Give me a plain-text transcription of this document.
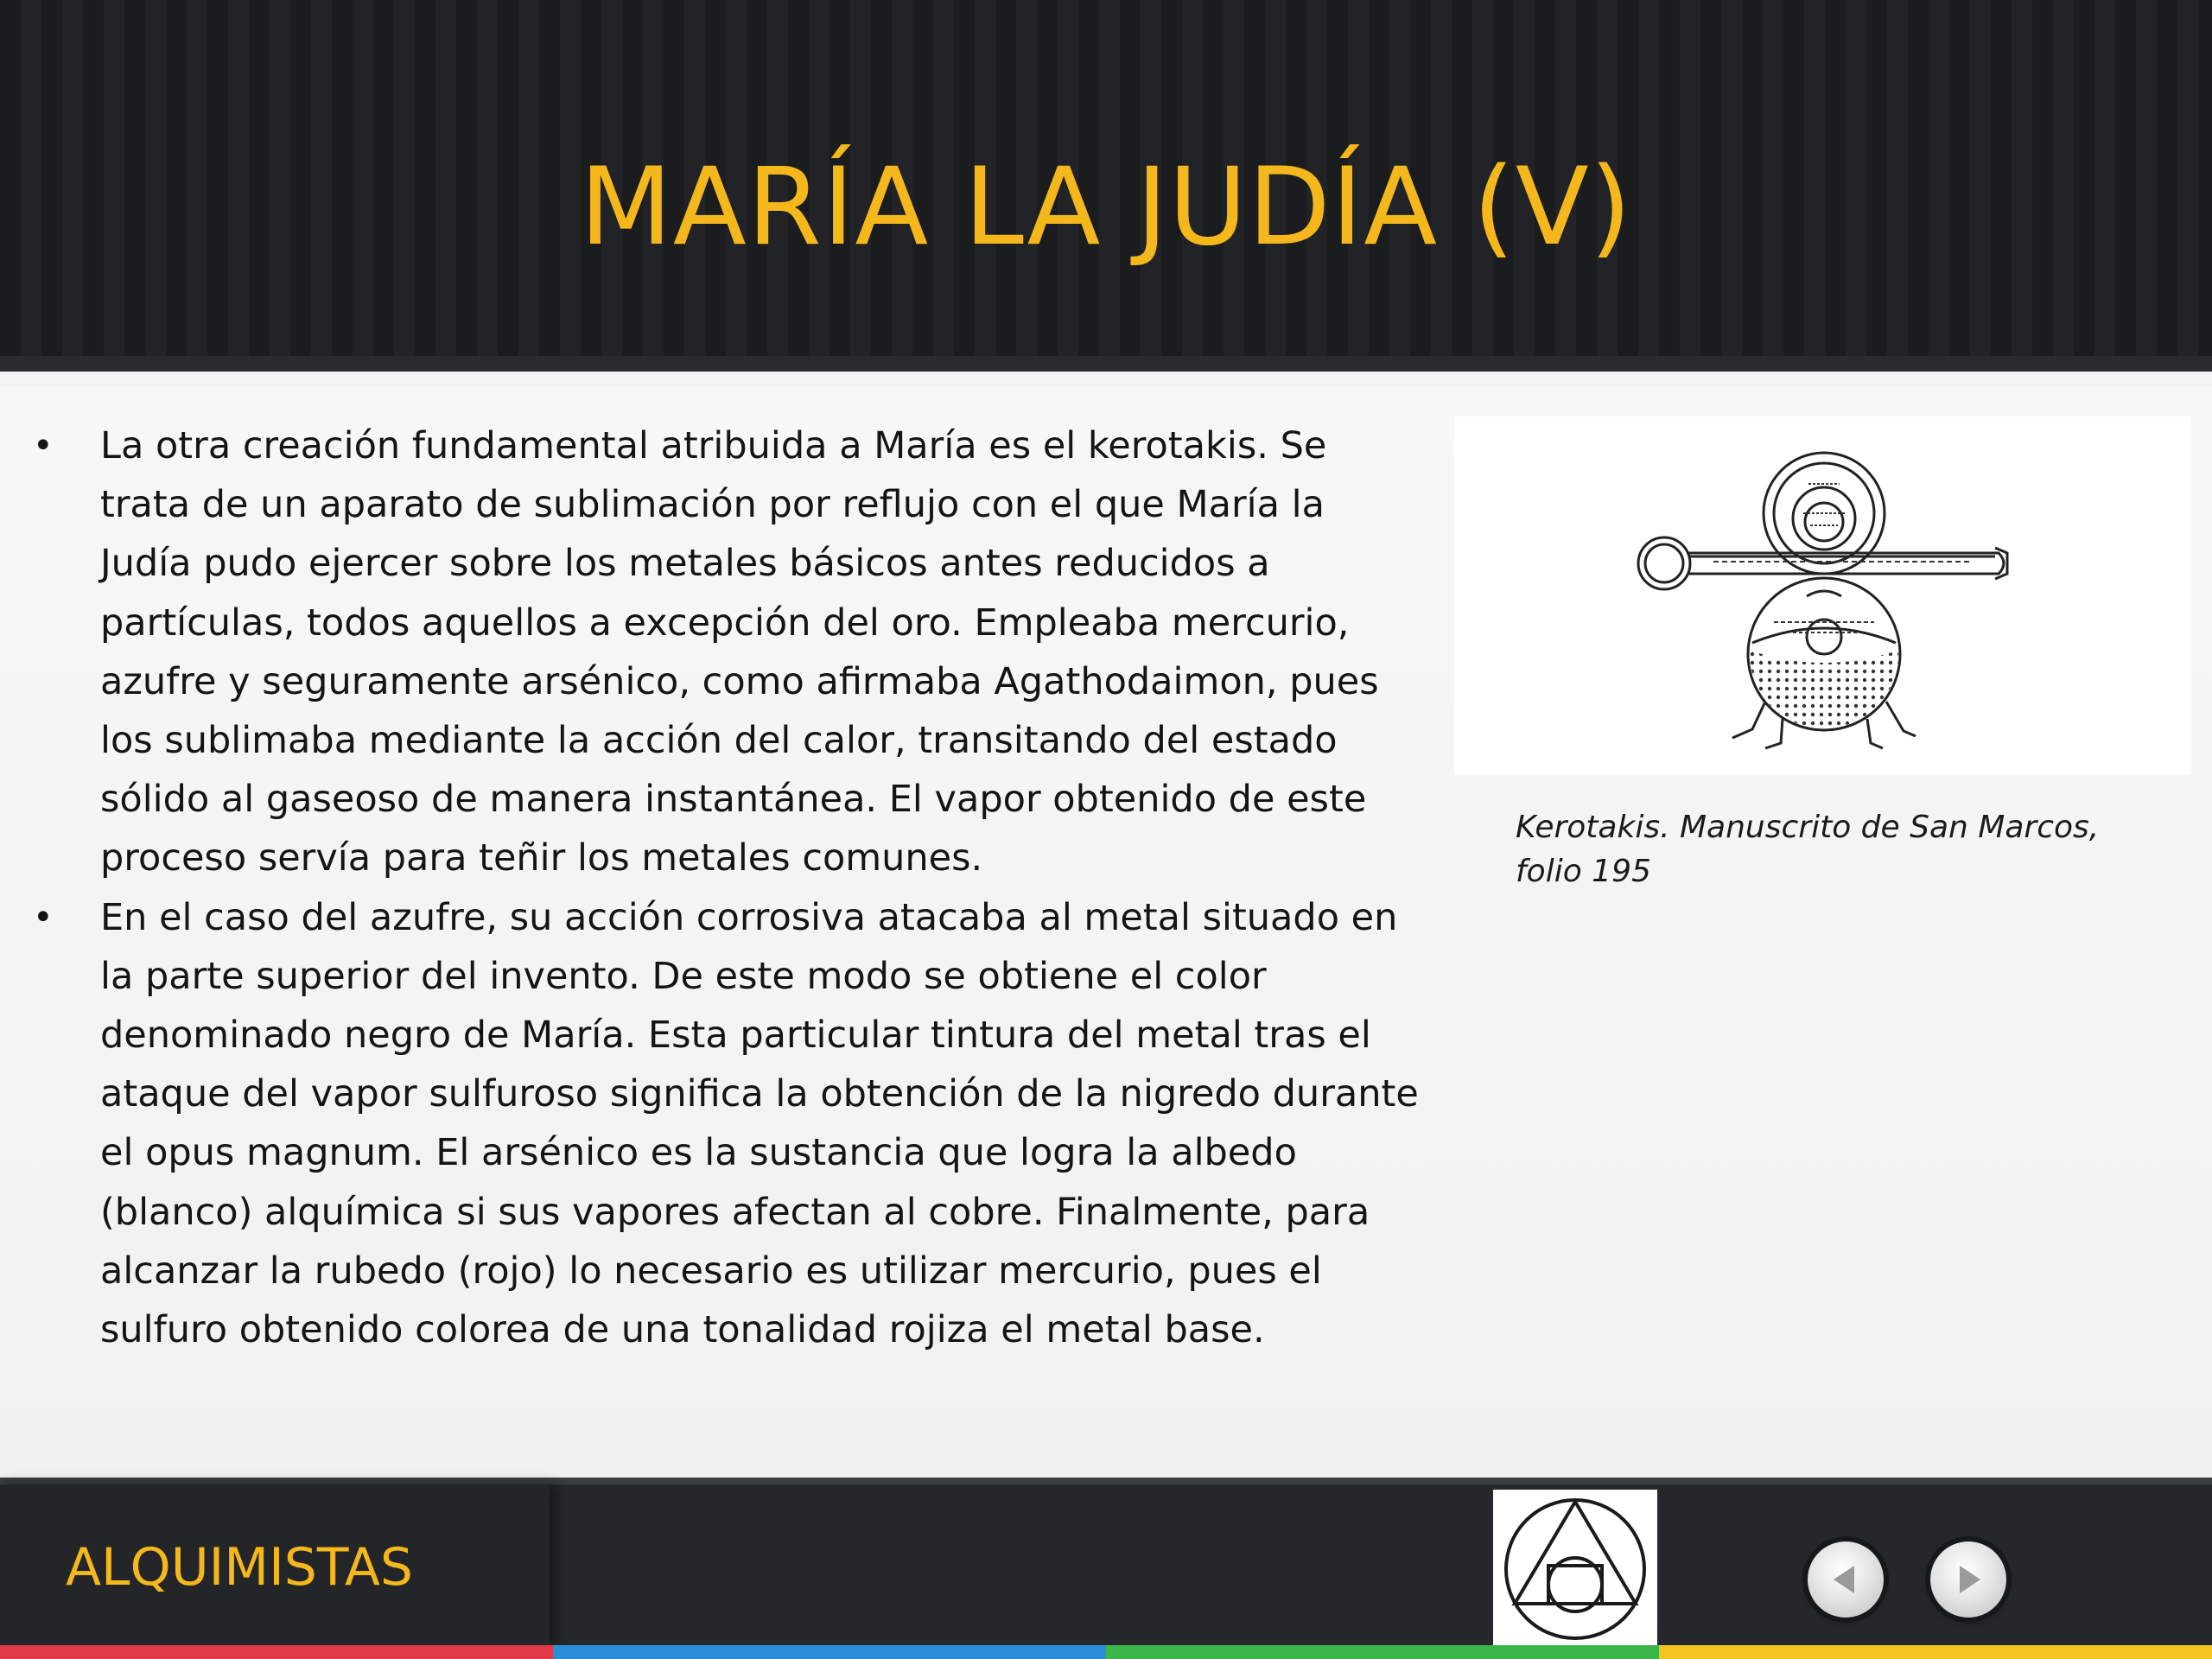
MARÍA LA JUDÍA (V)
• La otra creación fundamental atribuida a María es el kerotakis. Se trata de un aparato de sublimación por reflujo con el que María la Judía pudo ejercer sobre los metales básicos antes reducidos a partículas, todos aquellos a excepción del oro. Empleaba mercurio, azufre y seguramente arsénico, como afirmaba Agathodaimon, pues los sublimaba mediante la acción del calor, transitando del estado sólido al gaseoso de manera instantánea. El vapor obtenido de este proceso servía para teñir los metales comunes.
• En el caso del azufre, su acción corrosiva atacaba al metal situado en la parte superior del invento. De este modo se obtiene el color denominado negro de María. Esta particular tintura del metal tras el ataque del vapor sulfuroso significa la obtención de la nigredo durante el opus magnum. El arsénico es la sustancia que logra la albedo (blanco) alquímica si sus vapores afectan al cobre. Finalmente, para alcanzar la rubedo (rojo) lo necesario es utilizar mercurio, pues el sulfuro obtenido colorea de una tonalidad rojiza el metal base.
Kerotakis. Manuscrito de San Marcos,
folio 195
ALQUIMISTAS
